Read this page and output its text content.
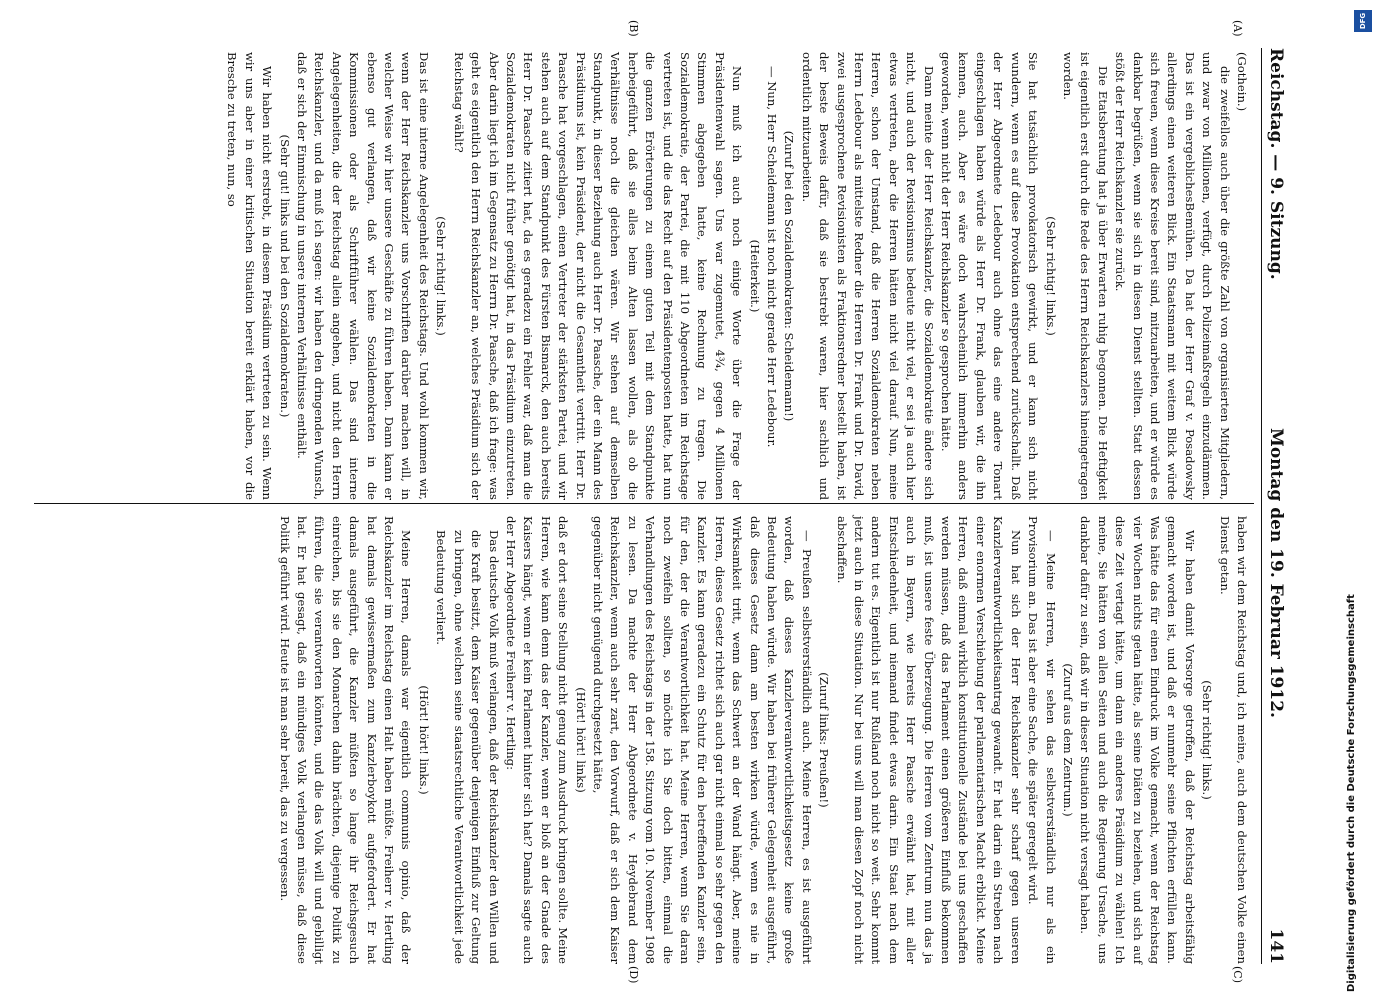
Reichstag. — 9. Sitzung.
Montag den 19. Februar 1912.
141
(A)
(B)
(C)
(D)

(Gothein.)

die zweifellos auch über die größte Zahl von organisierten Mitgliedern, und zwar von Millionen, verfügt, durch Polizeimaßregeln einzudämmen. Das ist ein vergeblichesBemühen. Da hat der Herr Graf v. Posadowsky allerdings einen weiteren Blick. Ein Staatsmann mit weitem Blick würde sich freuen, wenn diese Kreise bereit sind, mitzuarbeiten, und er würde es dankbar begrüßen, wenn sie sich in diesen Dienst stellten. Statt dessen stößt der Herr Reichskanzler sie zurück.

Die Etatsberatung hat ja über Erwarten ruhig begonnen. Die Heftigkeit ist eigentlich erst durch die Rede des Herrn Reichskanzlers hineingetragen worden.

(Sehr richtig! links.)

Sie hat tatsächlich provokatorisch gewirkt, und er kann sich nicht wundern, wenn es auf diese Provokation entsprechend zurückschallt. Daß der Herr Abgeordnete Ledebour auch ohne das eine andere Tonart eingeschlagen haben würde als Herr Dr. Frank, glauben wir, die ihn kennen, auch. Aber es wäre doch wahrscheinlich immerhin anders geworden, wenn nicht der Herr Reichskanzler so gesprochen hätte.

Dann meinte der Herr Reichskanzler, die Sozialdemokratie ändere sich nicht, und auch der Revisionismus bedeute nicht viel, er sei ja auch hier etwas vertreten, aber die Herren hätten nicht viel darauf. Nun, meine Herren, schon der Umstand, daß die Herren Sozialdemokraten neben Herrn Ledebour als mittelste Redner die Herren Dr. Frank und Dr. David, zwei ausgesprochene Revisionisten als Fraktionsredner bestellt haben, ist der beste Beweis dafür, daß sie bestrebt waren, hier sachlich und ordentlich mitzuarbeiten.

(Zuruf bei den Sozialdemokraten: Scheidemann!)

— Nun, Herr Scheidemann ist noch nicht gerade Herr Ledebour.

(Heiterkeit.)

Nun muß ich auch noch einige Worte über die Frage der Präsidentenwahl sagen. Uns war zugemutet, 4¾, gegen 4 Millionen Stimmen abgegeben hatte, keine Rechnung zu tragen. Die Sozialdemokratie, der Partei, die mit 110 Abgeordneten im Reichstage vertreten ist, und die das Recht auf den Präsidentenposten hatte, hat nun die ganzen Erörterungen zu einem guten Teil mit dem Standpunkte herbeigeführt, daß sie alles beim Alten lassen wollen, als ob die Verhältnisse noch die gleichen wären. Wir stehen auf demselben Standpunkt, in dieser Beziehung auch Herr Dr. Paasche, der ein Mann des Präsidiums ist, kein Präsident, der nicht die Gesamtheit vertritt. Herr Dr. Paasche hat vorgeschlagen, einen Vertreter der stärksten Partei, und wir stehen auch auf dem Standpunkt des Fürsten Bismarck, den auch bereits Herr Dr. Paasche zitiert hat, da es geradezu ein Fehler war, daß man die Sozialdemokraten nicht früher genötigt hat, in das Präsidium einzutreten. Aber darin liegt ich im Gegensatz zu Herrn Dr. Paasche, daß ich frage: was geht es eigentlich den Herrn Reichskanzler an, welches Präsidium sich der Reichstag wählt?

(Sehr richtig! links.)

Das ist eine interne Angelegenheit des Reichstags. Und wohl kommen wir, wenn der Herr Reichskanzler uns Vorschriften darüber machen will, in welcher Weise wir hier unsere Geschäfte zu führen haben. Dann kann er ebenso gut verlangen, daß wir keine Sozialdemokraten in die Kommissionen oder als Schriftführer wählen. Das sind interne Angelegenheiten, die der Reichstag allein angehen, und nicht den Herrn Reichskanzler, und da muß ich sagen: wir haben den dringenden Wunsch, daß er sich der Einmischung in unsere internen Verhältnisse enthält.

(Sehr gut! links und bei den Sozialdemokraten.)

Wir haben nicht erstrebt, in diesem Präsidium vertreten zu sein. Wenn wir uns aber in einer kritischen Situation bereit erklärt haben, vor die Bresche zu treten, nun, so

haben wir dem Reichstag und, ich meine, auch dem deutschen Volke einen Dienst getan.

(Sehr richtig! links.)

Wir haben damit Vorsorge getroffen, daß der Reichstag arbeitsfähig gemacht worden ist, und daß er nunmehr seine Pflichten erfüllen kann. Was hätte das für einen Eindruck im Volke gemacht, wenn der Reichstag vier Wochen nichts getan hätte, als seine Diäten zu beziehen, und sich auf diese Zeit vertagt hätte, um dann ein anderes Präsidium zu wählen! Ich meine, Sie hätten von allen Seiten und auch die Regierung Ursache, uns dankbar dafür zu sein, daß wir in dieser Situation nicht versagt haben.

(Zuruf aus dem Zentrum.)

— Meine Herren, wir sehen das selbstverständlich nur als ein Provisorium an. Das ist aber eine Sache, die später geregelt wird.

Nun hat sich der Herr Reichskanzler sehr scharf gegen unseren Kanzlerverantwortlichkeitsantrag gewandt. Er hat darin ein Streben nach einer enormen Verschiebung der parlamentarischen Macht erblickt. Meine Herren, daß einmal wirklich konstitutionelle Zustände bei uns geschaffen werden müssen, daß das Parlament einen größeren Einfluß bekommen muß, ist unsere feste Überzeugung. Die Herren vom Zentrum nun das ja auch in Bayern, wie bereits Herr Paasche erwähnt hat, mit aller Entschiedenheit, und niemand findet etwas darin. Ein Staat nach dem andern tut es. Eigentlich ist nur Rußland noch nicht so weit. Sehr kommt jetzt auch in diese Situation. Nur bei uns will man diesen Zopf noch nicht abschaffen.

(Zuruf links: Preußen!)

— Preußen selbstverständlich auch. Meine Herren, es ist ausgeführt worden, daß dieses Kanzlerverantwortlichkeitsgesetz keine große Bedeutung haben würde. Wir haben bei früherer Gelegenheit ausgeführt, daß dieses Gesetz dann am besten wirken würde, wenn es nie in Wirksamkeit tritt, wenn das Schwert an der Wand hängt. Aber, meine Herren, dieses Gesetz richtet sich auch gar nicht einmal so sehr gegen den Kanzler. Es kann geradezu ein Schutz für den betreffenden Kanzler sein, für den, der die Verantwortlichkeit hat. Meine Herren, wenn Sie daran noch zweifeln sollten, so möchte ich Sie doch bitten, einmal die Verhandlungen des Reichstags in der 158. Sitzung vom 10. November 1908 zu lesen. Da machte der Herr Abgeordnete v. Heydebrand dem Reichskanzler, wenn auch sehr zart, den Vorwurf, daß er sich dem Kaiser gegenüber nicht genügend durchgesetzt hätte,

(Hört! hört! links)

daß er dort seine Stellung nicht genug zum Ausdruck bringen sollte. Meine Herren, wie kann denn das der Kanzler, wenn er bloß an der Gnade des Kaisers hängt, wenn er kein Parlament hinter sich hat? Damals sagte auch der Herr Abgeordnete Freiherr v. Hertling:

Das deutsche Volk muß verlangen, daß der Reichskanzler den Willen und die Kraft besitzt, dem Kaiser gegenüber denjenigen Einfluß zur Geltung zu bringen, ohne welchen seine staatsrechtliche Verantwortlichkeit jede Bedeutung verliert.

(Hört! hört! links.)

Meine Herren, damals war eigentlich communis opinio, daß der Reichskanzler im Reichstag einen Halt haben müßte. Freiherr v. Hertling hat damals gewissermaßen zum Kanzlerboykott aufgefordert. Er hat damals ausgeführt, die Kanzler müßten so lange ihr Reichsgesuch einreichen, bis sie den Monarchen dahin brächten, diejenige Politik zu führen, die sie verantworten könnten, und die das Volk will und gebilligt hat. Er hat gesagt, daß ein mündiges Volk verlangen müsse, daß diese Politik geführt wird. Heute ist man sehr bereit, das zu vergessen.

DFG
Digitalisierung gefördert durch die Deutsche Forschungsgemeinschaft
